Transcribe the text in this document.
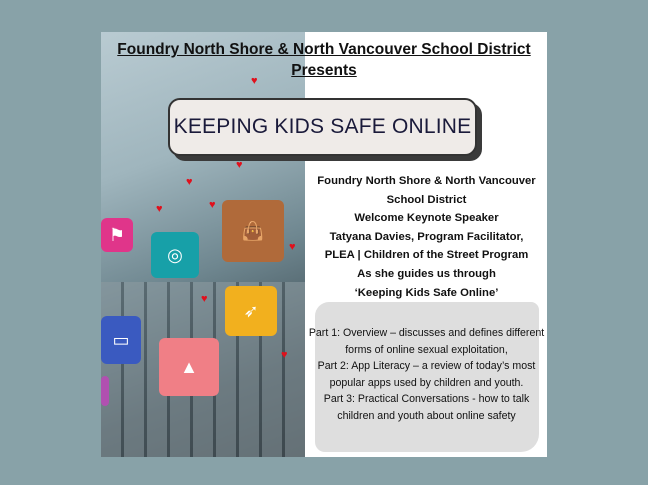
⚑
◎
👜
➶
▭
▲
♥
♥
♥
♥
♥
♥
♥
♥
Foundry North Shore & North Vancouver School District
Presents
KEEPING KIDS SAFE ONLINE
Foundry North Shore & North Vancouver School District
Welcome Keynote Speaker
Tatyana Davies, Program Facilitator,
PLEA | Children of the Street Program
As she guides us through
‘Keeping Kids Safe Online’
Part 1: Overview – discusses and defines different forms of online sexual exploitation,
Part 2: App Literacy – a review of today’s most popular apps used by children and youth.
Part 3: Practical Conversations - how to talk children and youth about online safety
